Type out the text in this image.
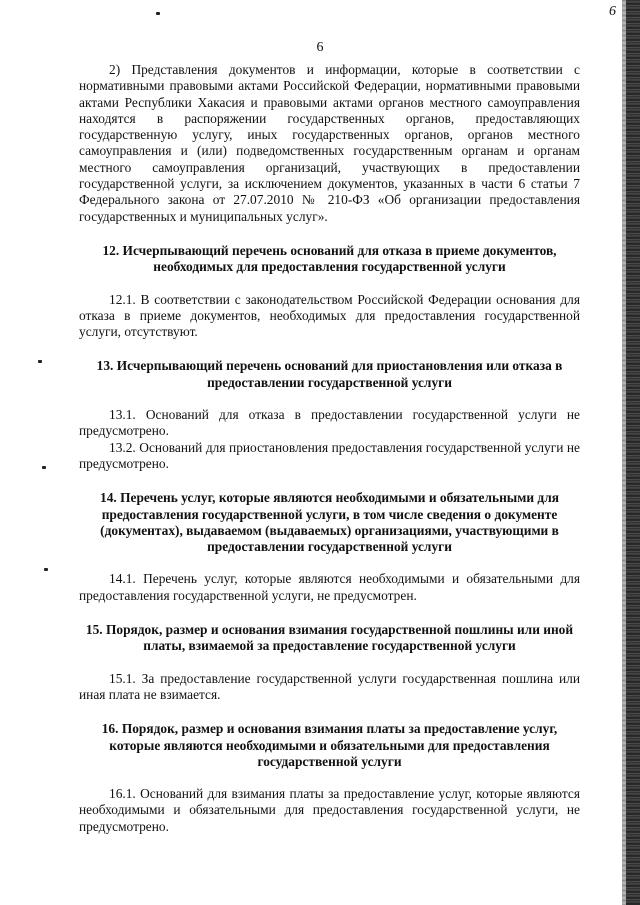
6
6

2) Представления документов и информации, которые в соответствии с нормативными правовыми актами Российской Федерации, нормативными правовыми актами Республики Хакасия и правовыми актами органов местного самоуправления находятся в распоряжении государственных органов, предоставляющих государственную услугу, иных государственных органов, органов местного самоуправления и (или) подведомственных государственным органам и органам местного самоуправления организаций, участвующих в предоставлении государственной услуги, за исключением документов, указанных в части 6 статьи 7 Федерального закона от 27.07.2010 № 210-ФЗ «Об организации предоставления государственных и муниципальных услуг».

12. Исчерпывающий перечень оснований для отказа в приеме документов, необходимых для предоставления государственной услуги

12.1. В соответствии с законодательством Российской Федерации основания для отказа в приеме документов, необходимых для предоставления государственной услуги, отсутствуют.

13. Исчерпывающий перечень оснований для приостановления или отказа в предоставлении государственной услуги

13.1. Оснований для отказа в предоставлении государственной услуги не предусмотрено.

13.2. Оснований для приостановления предоставления государственной услуги не предусмотрено.

14. Перечень услуг, которые являются необходимыми и обязательными для предоставления государственной услуги, в том числе сведения о документе (документах), выдаваемом (выдаваемых) организациями, участвующими в предоставлении государственной услуги

14.1. Перечень услуг, которые являются необходимыми и обязательными для предоставления государственной услуги, не предусмотрен.

15. Порядок, размер и основания взимания государственной пошлины или иной платы, взимаемой за предоставление государственной услуги

15.1. За предоставление государственной услуги государственная пошлина или иная плата не взимается.

16. Порядок, размер и основания взимания платы за предоставление услуг, которые являются необходимыми и обязательными для предоставления государственной услуги

16.1. Оснований для взимания платы за предоставление услуг, которые являются необходимыми и обязательными для предоставления государственной услуги, не предусмотрено.
